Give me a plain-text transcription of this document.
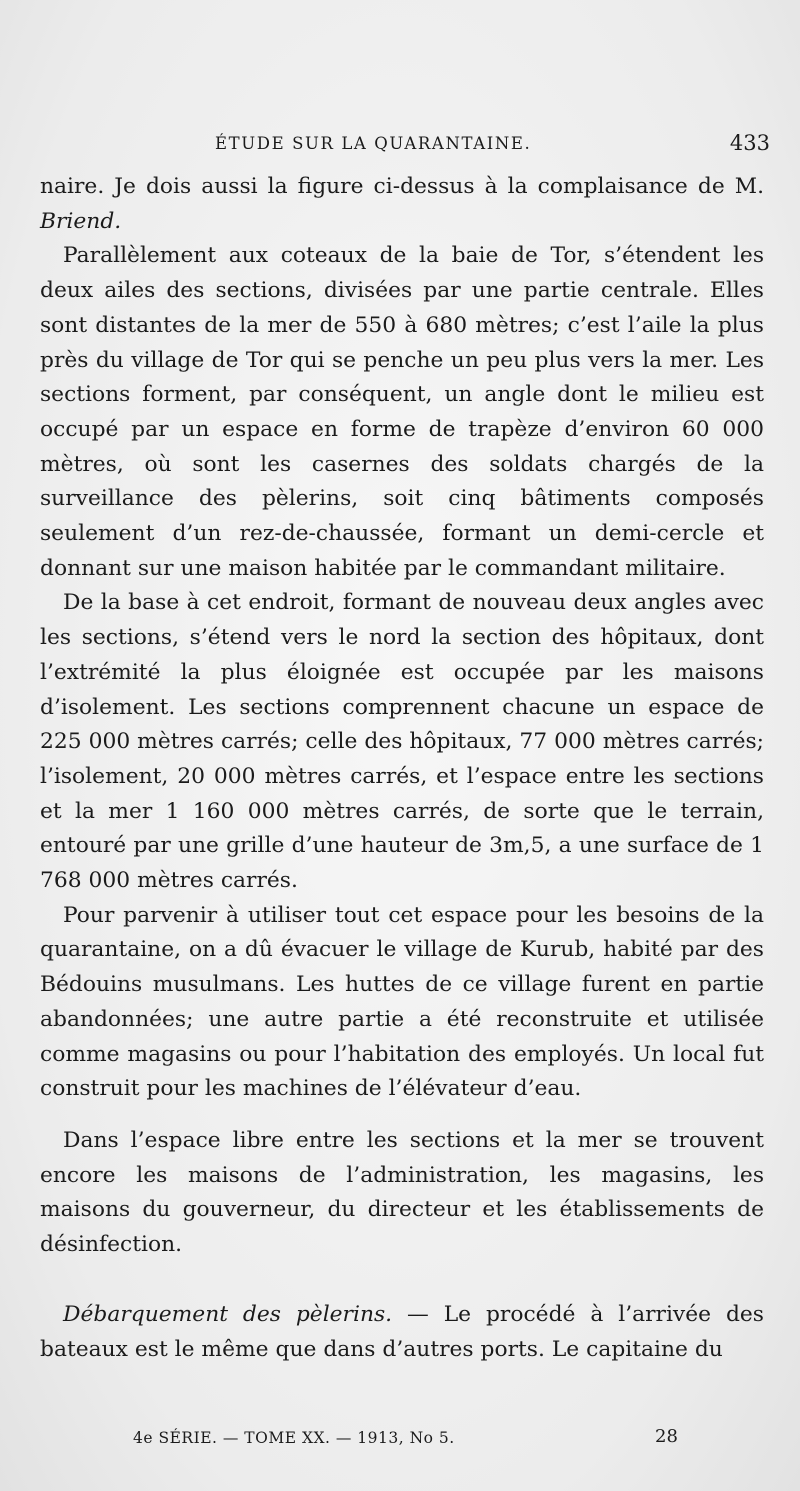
ÉTUDE SUR LA QUARANTAINE.	433

naire. Je dois aussi la figure ci-dessus à la complaisance de M. Briend.

Parallèlement aux coteaux de la baie de Tor, s’étendent les deux ailes des sections, divisées par une partie centrale. Elles sont distantes de la mer de 550 à 680 mètres; c’est l’aile la plus près du village de Tor qui se penche un peu plus vers la mer. Les sections forment, par conséquent, un angle dont le milieu est occupé par un espace en forme de trapèze d’environ 60 000 mètres, où sont les casernes des soldats chargés de la surveillance des pèlerins, soit cinq bâtiments composés seulement d’un rez-de-chaussée, formant un demi-cercle et donnant sur une maison habitée par le commandant militaire.

De la base à cet endroit, formant de nouveau deux angles avec les sections, s’étend vers le nord la section des hôpitaux, dont l’extrémité la plus éloignée est occupée par les maisons d’isolement. Les sections comprennent chacune un espace de 225 000 mètres carrés; celle des hôpitaux, 77 000 mètres carrés; l’isolement, 20 000 mètres carrés, et l’espace entre les sections et la mer 1 160 000 mètres carrés, de sorte que le terrain, entouré par une grille d’une hauteur de 3m,5, a une surface de 1 768 000 mètres carrés.

Pour parvenir à utiliser tout cet espace pour les besoins de la quarantaine, on a dû évacuer le village de Kurub, habité par des Bédouins musulmans. Les huttes de ce village furent en partie abandonnées; une autre partie a été reconstruite et utilisée comme magasins ou pour l’habitation des employés. Un local fut construit pour les machines de l’élévateur d’eau.

Dans l’espace libre entre les sections et la mer se trouvent encore les maisons de l’administration, les magasins, les maisons du gouverneur, du directeur et les établissements de désinfection.

Débarquement des pèlerins. — Le procédé à l’arrivée des bateaux est le même que dans d’autres ports. Le capitaine du

4e SÉRIE. — TOME XX. — 1913, No 5.	28
